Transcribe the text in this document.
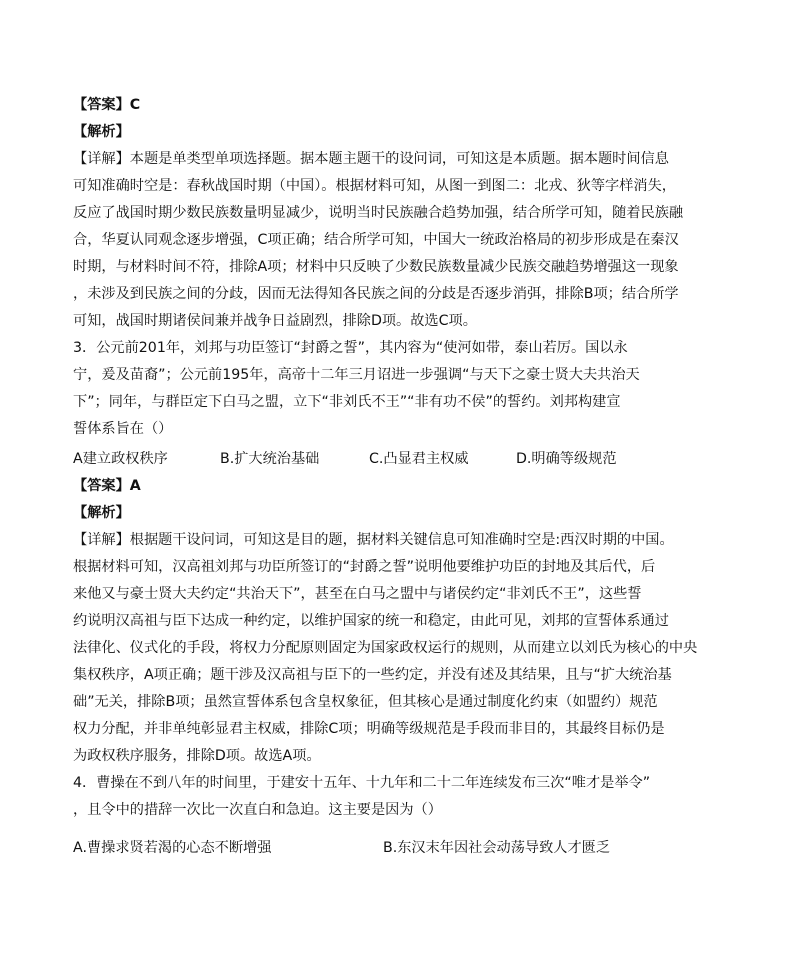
【答案】C
【解析】
【详解】本题是单类型单项选择题。据本题主题干的设问词，可知这是本质题。据本题时间信息
可知准确时空是：春秋战国时期（中国）。根据材料可知，从图一到图二：北戎、狄等字样消失，
反应了战国时期少数民族数量明显减少，说明当时民族融合趋势加强，结合所学可知，随着民族融
合，华夏认同观念逐步增强，C项正确；结合所学可知，中国大一统政治格局的初步形成是在秦汉
时期，与材料时间不符，排除A项；材料中只反映了少数民族数量减少民族交融趋势增强这一现象
，未涉及到民族之间的分歧，因而无法得知各民族之间的分歧是否逐步消弭，排除B项；结合所学
可知，战国时期诸侯间兼并战争日益剧烈，排除D项。故选C项。
3．公元前201年，刘邦与功臣签订“封爵之誓”，其内容为“使河如带，泰山若厉。国以永
宁，爰及苗裔”；公元前195年，高帝十二年三月诏进一步强调“与天下之豪士贤大夫共治天
下”；同年，与群臣定下白马之盟，立下“非刘氏不王”“非有功不侯”的誓约。刘邦构建宣
誓体系旨在（）
A建立政权秩序	B.扩大统治基础	C.凸显君主权威	D.明确等级规范
【答案】A
【解析】
【详解】根据题干设问词，可知这是目的题，据材料关键信息可知准确时空是:西汉时期的中国。
根据材料可知，汉高祖刘邦与功臣所签订的“封爵之誓”说明他要维护功臣的封地及其后代，后
来他又与豪士贤大夫约定“共治天下”，甚至在白马之盟中与诸侯约定“非刘氏不王”，这些誓
约说明汉高祖与臣下达成一种约定，以维护国家的统一和稳定，由此可见，刘邦的宣誓体系通过
法律化、仪式化的手段，将权力分配原则固定为国家政权运行的规则，从而建立以刘氏为核心的中央
集权秩序，A项正确；题干涉及汉高祖与臣下的一些约定，并没有述及其结果，且与“扩大统治基
础”无关，排除B项；虽然宣誓体系包含皇权象征，但其核心是通过制度化约束（如盟约）规范
权力分配，并非单纯彰显君主权威，排除C项；明确等级规范是手段而非目的，其最终目标仍是
为政权秩序服务，排除D项。故选A项。
4．曹操在不到八年的时间里，于建安十五年、十九年和二十二年连续发布三次“唯才是举令”
，且令中的措辞一次比一次直白和急迫。这主要是因为（）
A.曹操求贤若渴的心态不断增强	B.东汉末年因社会动荡导致人才匮乏
